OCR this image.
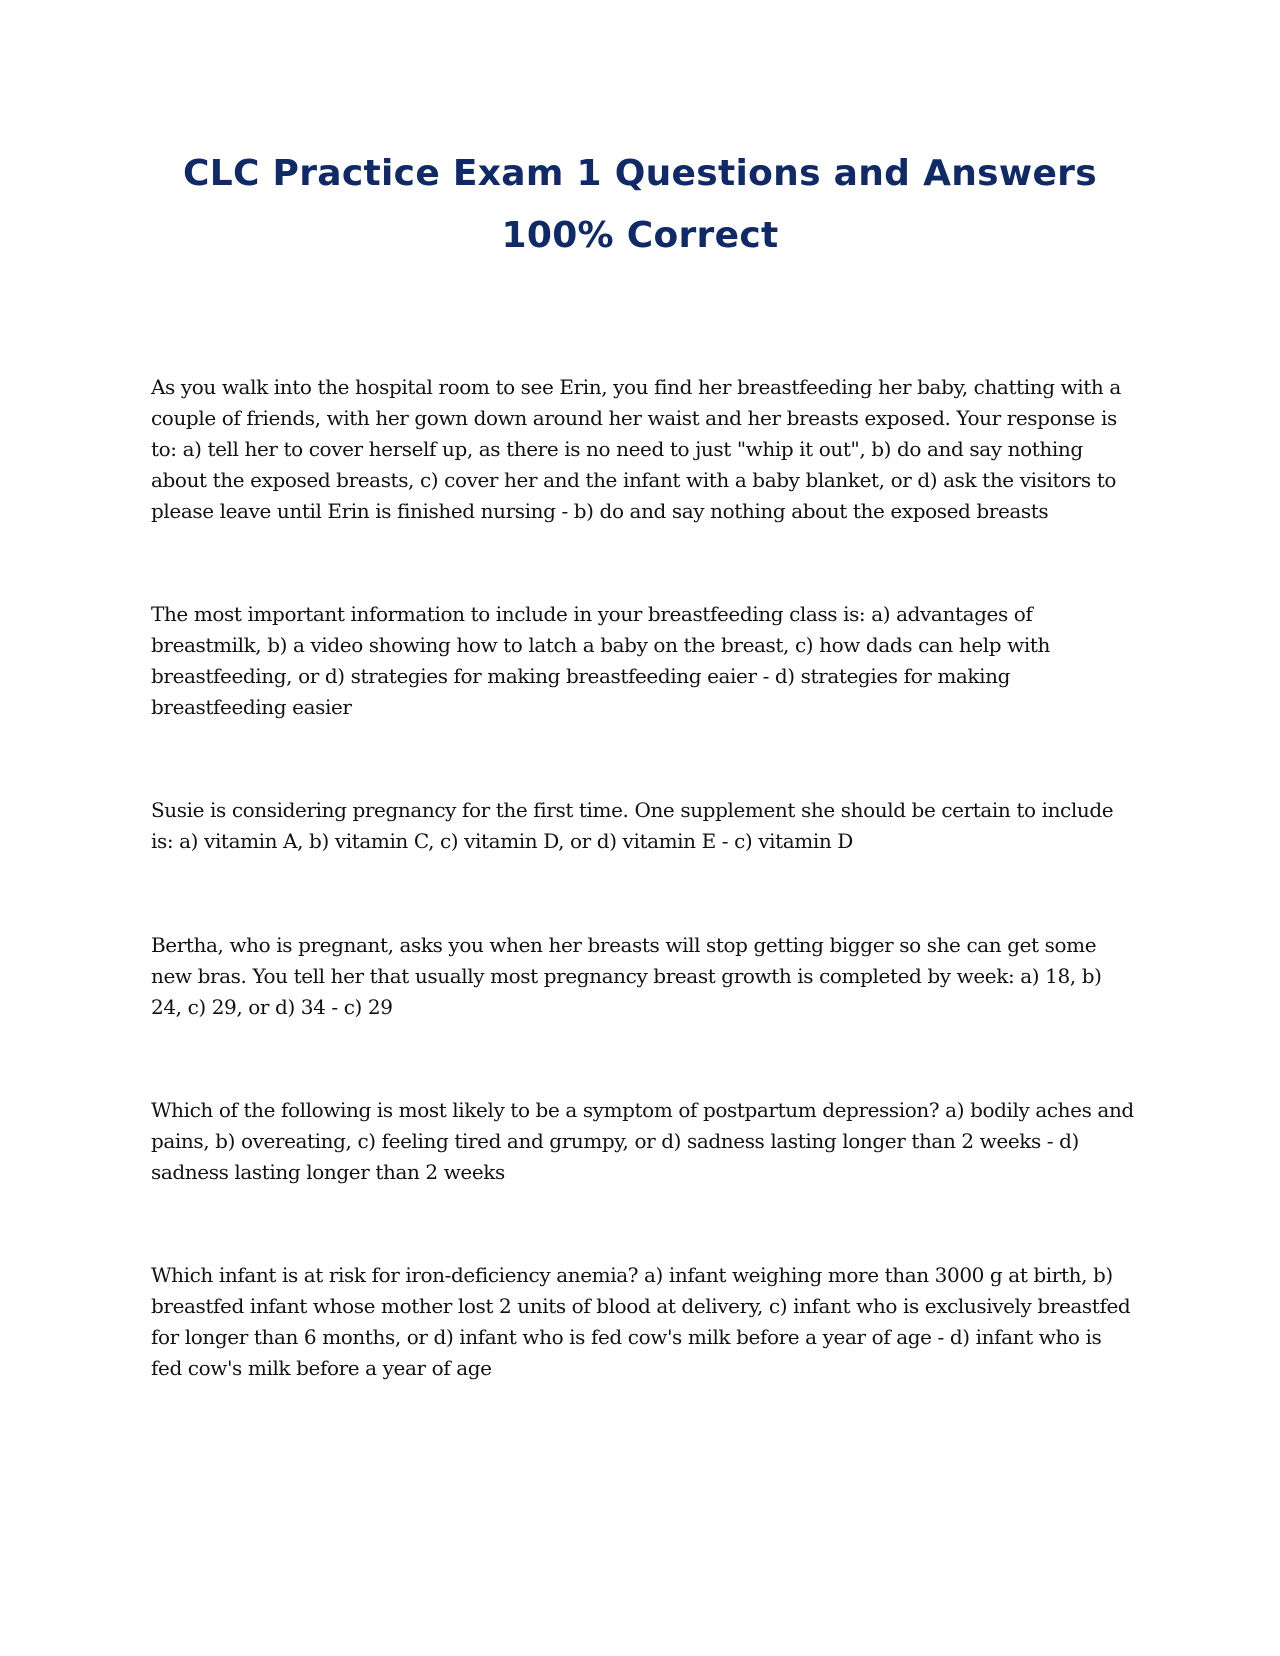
CLC Practice Exam 1 Questions and Answers
100% Correct

As you walk into the hospital room to see Erin, you find her breastfeeding her baby, chatting with a couple of friends, with her gown down around her waist and her breasts exposed. Your response is to: a) tell her to cover herself up, as there is no need to just "whip it out", b) do and say nothing about the exposed breasts, c) cover her and the infant with a baby blanket, or d) ask the visitors to please leave until Erin is finished nursing - b) do and say nothing about the exposed breasts

The most important information to include in your breastfeeding class is: a) advantages of breastmilk, b) a video showing how to latch a baby on the breast, c) how dads can help with breastfeeding, or d) strategies for making breastfeeding eaier - d) strategies for making breastfeeding easier

Susie is considering pregnancy for the first time. One supplement she should be certain to include is: a) vitamin A, b) vitamin C, c) vitamin D, or d) vitamin E - c) vitamin D

Bertha, who is pregnant, asks you when her breasts will stop getting bigger so she can get some new bras. You tell her that usually most pregnancy breast growth is completed by week: a) 18, b) 24, c) 29, or d) 34 - c) 29

Which of the following is most likely to be a symptom of postpartum depression? a) bodily aches and pains, b) overeating, c) feeling tired and grumpy, or d) sadness lasting longer than 2 weeks - d) sadness lasting longer than 2 weeks

Which infant is at risk for iron-deficiency anemia? a) infant weighing more than 3000 g at birth, b) breastfed infant whose mother lost 2 units of blood at delivery, c) infant who is exclusively breastfed for longer than 6 months, or d) infant who is fed cow's milk before a year of age - d) infant who is fed cow's milk before a year of age
